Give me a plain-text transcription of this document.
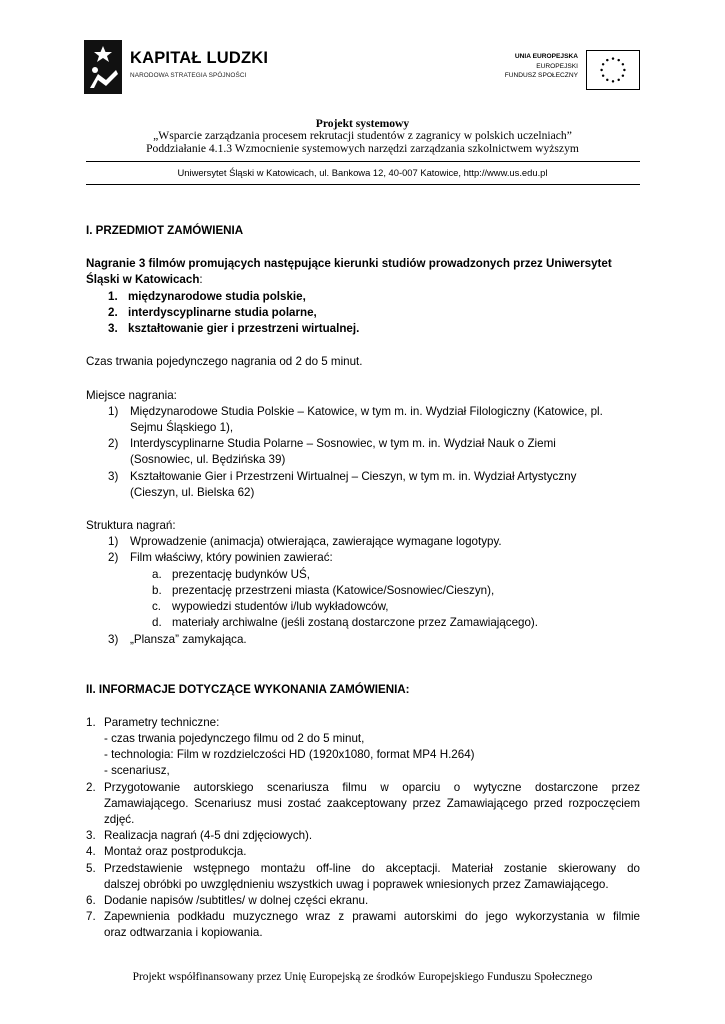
KAPITAŁ LUDZKI
NARODOWA STRATEGIA SPÓJNOŚCI
UNIA EUROPEJSKA
EUROPEJSKI
FUNDUSZ SPOŁECZNY
Projekt systemowy
„Wsparcie zarządzania procesem rekrutacji studentów z zagranicy w polskich uczelniach”
Poddziałanie 4.1.3 Wzmocnienie systemowych narzędzi zarządzania szkolnictwem wyższym
Uniwersytet Śląski w Katowicach, ul. Bankowa 12, 40-007 Katowice, http://www.us.edu.pl
I. PRZEDMIOT ZAMÓWIENIA
Nagranie 3 filmów promujących następujące kierunki studiów prowadzonych przez Uniwersytet
Śląski w Katowicach:
1. międzynarodowe studia polskie,
2. interdyscyplinarne studia polarne,
3. kształtowanie gier i przestrzeni wirtualnej.
Czas trwania pojedynczego nagrania od 2 do 5 minut.
Miejsce nagrania:
1) Międzynarodowe Studia Polskie – Katowice, w tym m. in. Wydział Filologiczny (Katowice, pl.
Sejmu Śląskiego 1),
2) Interdyscyplinarne Studia Polarne – Sosnowiec, w tym m. in. Wydział Nauk o Ziemi
(Sosnowiec, ul. Będzińska 39)
3) Kształtowanie Gier i Przestrzeni Wirtualnej – Cieszyn, w tym m. in. Wydział Artystyczny
(Cieszyn, ul. Bielska 62)
Struktura nagrań:
1) Wprowadzenie (animacja) otwierająca, zawierające wymagane logotypy.
2) Film właściwy, który powinien zawierać:
a. prezentację budynków UŚ,
b. prezentację przestrzeni miasta (Katowice/Sosnowiec/Cieszyn),
c. wypowiedzi studentów i/lub wykładowców,
d. materiały archiwalne (jeśli zostaną dostarczone przez Zamawiającego).
3) „Plansza” zamykająca.
II. INFORMACJE DOTYCZĄCE WYKONANIA ZAMÓWIENIA:
1. Parametry techniczne:
- czas trwania pojedynczego filmu od 2 do 5 minut,
- technologia: Film w rozdzielczości HD (1920x1080, format MP4 H.264)
- scenariusz,
2. Przygotowanie autorskiego scenariusza filmu w oparciu o wytyczne dostarczone przez
Zamawiającego. Scenariusz musi zostać zaakceptowany przez Zamawiającego przed rozpoczęciem
zdjęć.
3. Realizacja nagrań (4-5 dni zdjęciowych).
4. Montaż oraz postprodukcja.
5. Przedstawienie wstępnego montażu off-line do akceptacji. Materiał zostanie skierowany do
dalszej obróbki po uwzględnieniu wszystkich uwag i poprawek wniesionych przez Zamawiającego.
6. Dodanie napisów /subtitles/ w dolnej części ekranu.
7. Zapewnienia podkładu muzycznego wraz z prawami autorskimi do jego wykorzystania w filmie
oraz odtwarzania i kopiowania.
Projekt współfinansowany przez Unię Europejską ze środków Europejskiego Funduszu Społecznego
